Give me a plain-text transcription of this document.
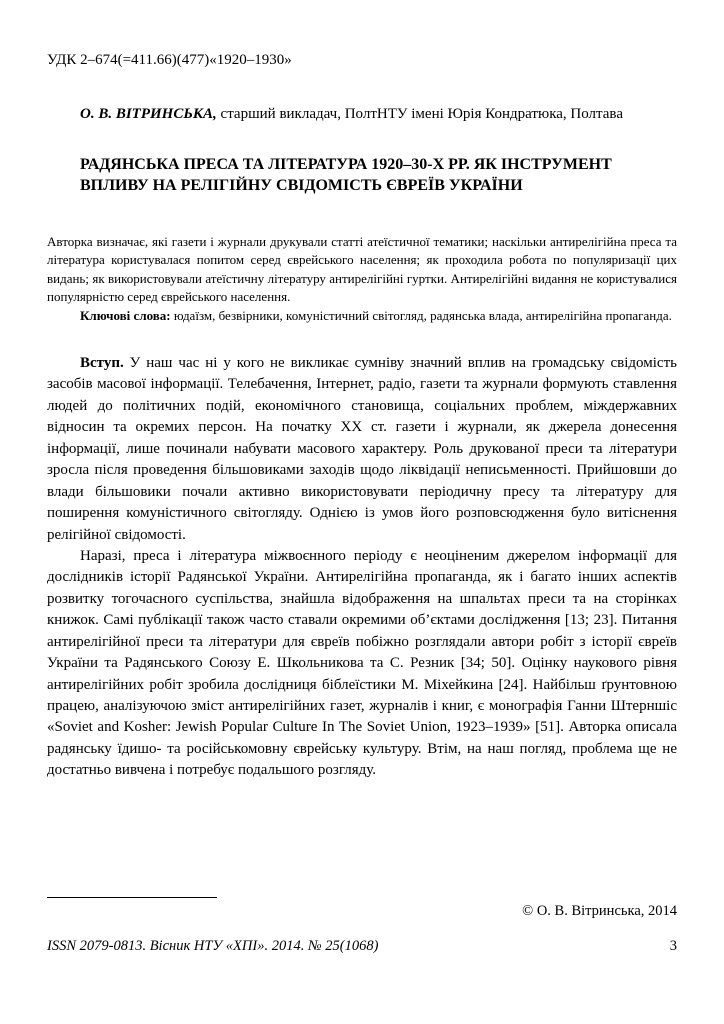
УДК 2–674(=411.66)(477)«1920–1930»

О. В. ВІТРИНСЬКА, старший викладач, ПолтНТУ імені Юрія Кондратюка, Полтава

РАДЯНСЬКА ПРЕСА ТА ЛІТЕРАТУРА 1920–30-Х РР. ЯК ІНСТРУМЕНТ ВПЛИВУ НА РЕЛІГІЙНУ СВІДОМІСТЬ ЄВРЕЇВ УКРАЇНИ

Авторка визначає, які газети і журнали друкували статті атеїстичної тематики; наскільки антирелігійна преса та література користувалася попитом серед єврейського населення; як проходила робота по популяризації цих видань; як використовували атеїстичну літературу антирелігійні гуртки. Антирелігійні видання не користувалися популярністю серед єврейського населення.

Ключові слова: юдаїзм, безвірники, комуністичний світогляд, радянська влада, антирелігійна пропаганда.

Вступ. У наш час ні у кого не викликає сумніву значний вплив на громадську свідомість засобів масової інформації. Телебачення, Інтернет, радіо, газети та журнали формують ставлення людей до політичних подій, економічного становища, соціальних проблем, міждержавних відносин та окремих персон. На початку ХХ ст. газети і журнали, як джерела донесення інформації, лише починали набувати масового характеру. Роль друкованої преси та літератури зросла після проведення більшовиками заходів щодо ліквідації неписьменності. Прийшовши до влади більшовики почали активно використовувати періодичну пресу та літературу для поширення комуністичного світогляду. Однією із умов його розповсюдження було витіснення релігійної свідомості.

Наразі, преса і література міжвоєнного періоду є неоціненим джерелом інформації для дослідників історії Радянської України. Антирелігійна пропаганда, як і багато інших аспектів розвитку тогочасного суспільства, знайшла відображення на шпальтах преси та на сторінках книжок. Самі публікації також часто ставали окремими об’єктами дослідження [13; 23]. Питання антирелігійної преси та літератури для євреїв побіжно розглядали автори робіт з історії євреїв України та Радянського Союзу Е. Школьникова та С. Резник [34; 50]. Оцінку наукового рівня антирелігійних робіт зробила дослідниця біблеїстики М. Міхейкина [24]. Найбільш ґрунтовною працею, аналізуючою зміст антирелігійних газет, журналів і книг, є монографія Ганни Штерншіс «Soviet and Kosher: Jewish Popular Culture In The Soviet Union, 1923–1939» [51]. Авторка описала радянську їдишо- та російськомовну єврейську культуру. Втім, на наш погляд, проблема ще не достатньо вивчена і потребує подальшого розгляду.

© О. В. Вітринська, 2014
ISSN 2079-0813. Вісник НТУ «ХПІ». 2014. № 25(1068)	3
